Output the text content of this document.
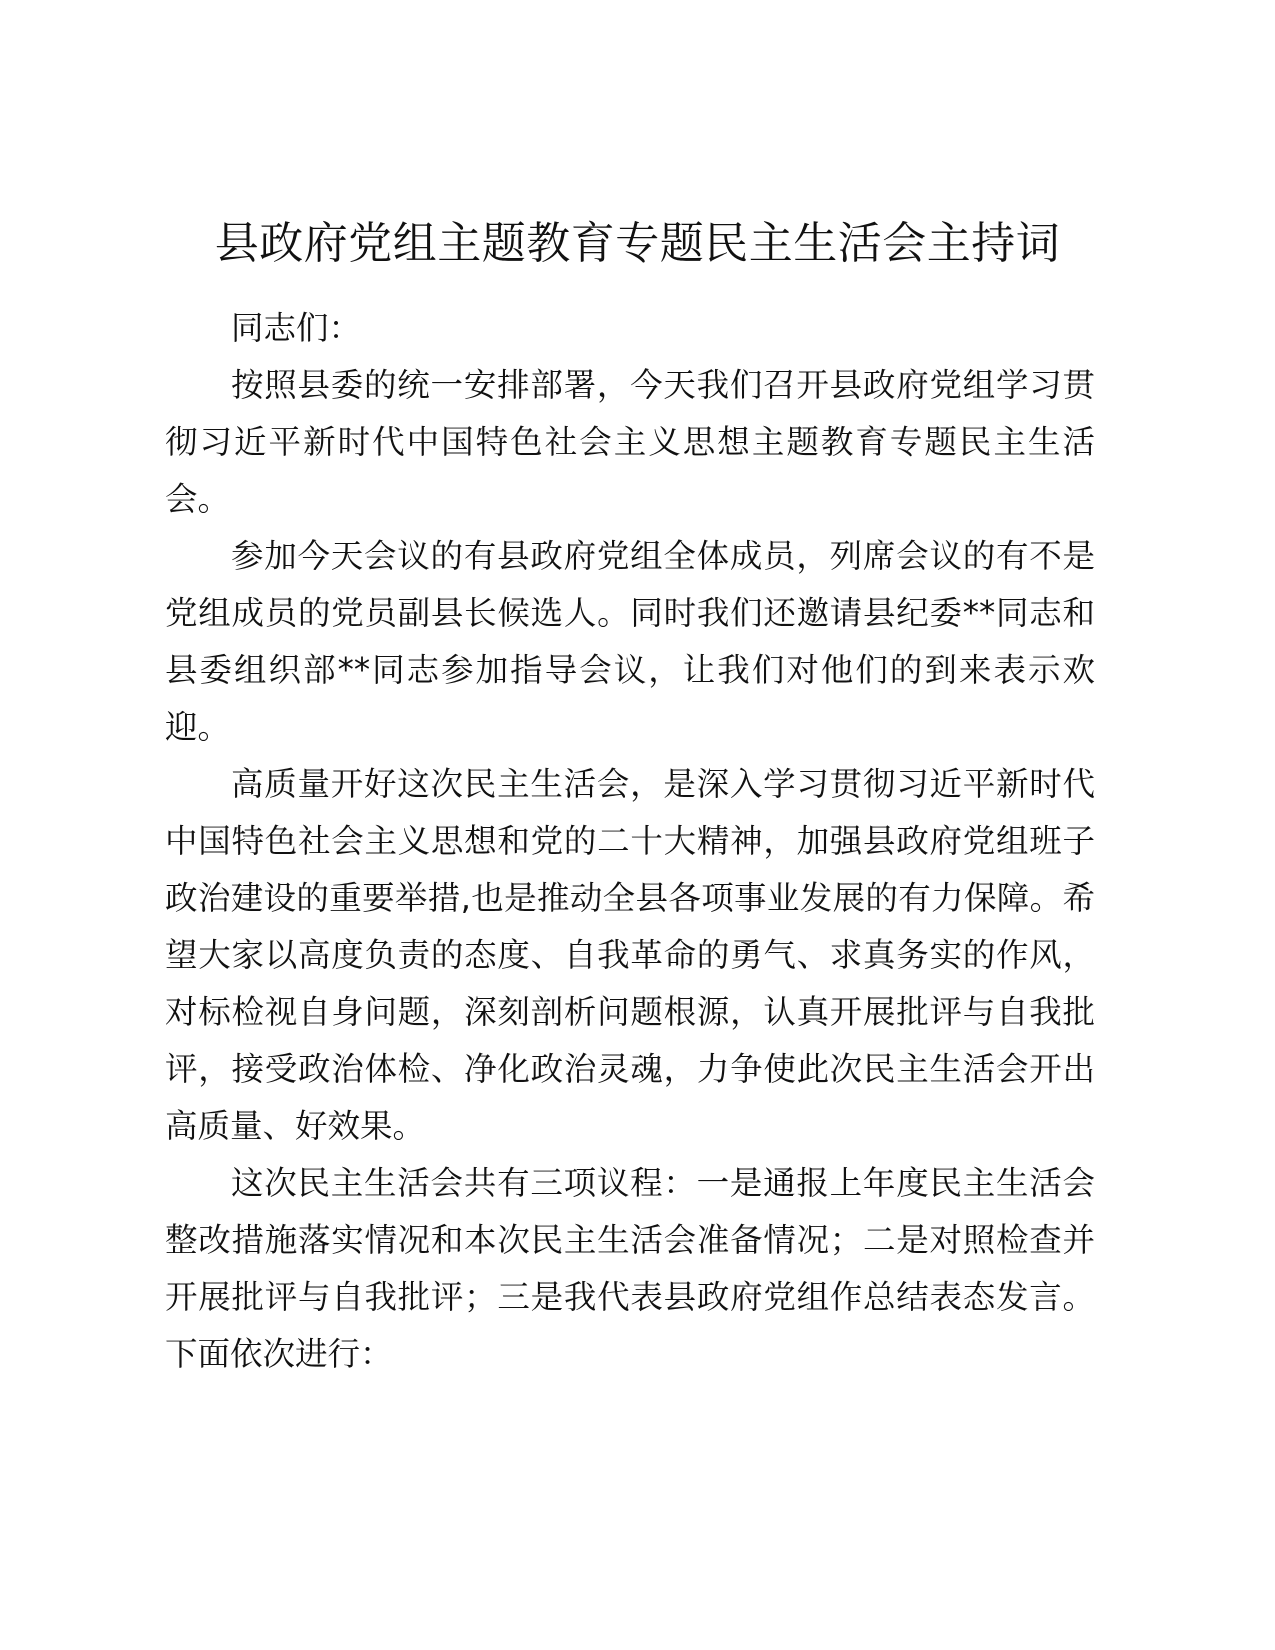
县政府党组主题教育专题民主生活会主持词

同志们：

按照县委的统一安排部署，今天我们召开县政府党组学习贯彻习近平新时代中国特色社会主义思想主题教育专题民主生活会。

参加今天会议的有县政府党组全体成员，列席会议的有不是党组成员的党员副县长候选人。同时我们还邀请县纪委**同志和县委组织部**同志参加指导会议，让我们对他们的到来表示欢迎。

高质量开好这次民主生活会，是深入学习贯彻习近平新时代中国特色社会主义思想和党的二十大精神，加强县政府党组班子政治建设的重要举措,也是推动全县各项事业发展的有力保障。希望大家以高度负责的态度、自我革命的勇气、求真务实的作风，对标检视自身问题，深刻剖析问题根源，认真开展批评与自我批评，接受政治体检、净化政治灵魂，力争使此次民主生活会开出高质量、好效果。

这次民主生活会共有三项议程：一是通报上年度民主生活会整改措施落实情况和本次民主生活会准备情况；二是对照检查并开展批评与自我批评；三是我代表县政府党组作总结表态发言。下面依次进行：
